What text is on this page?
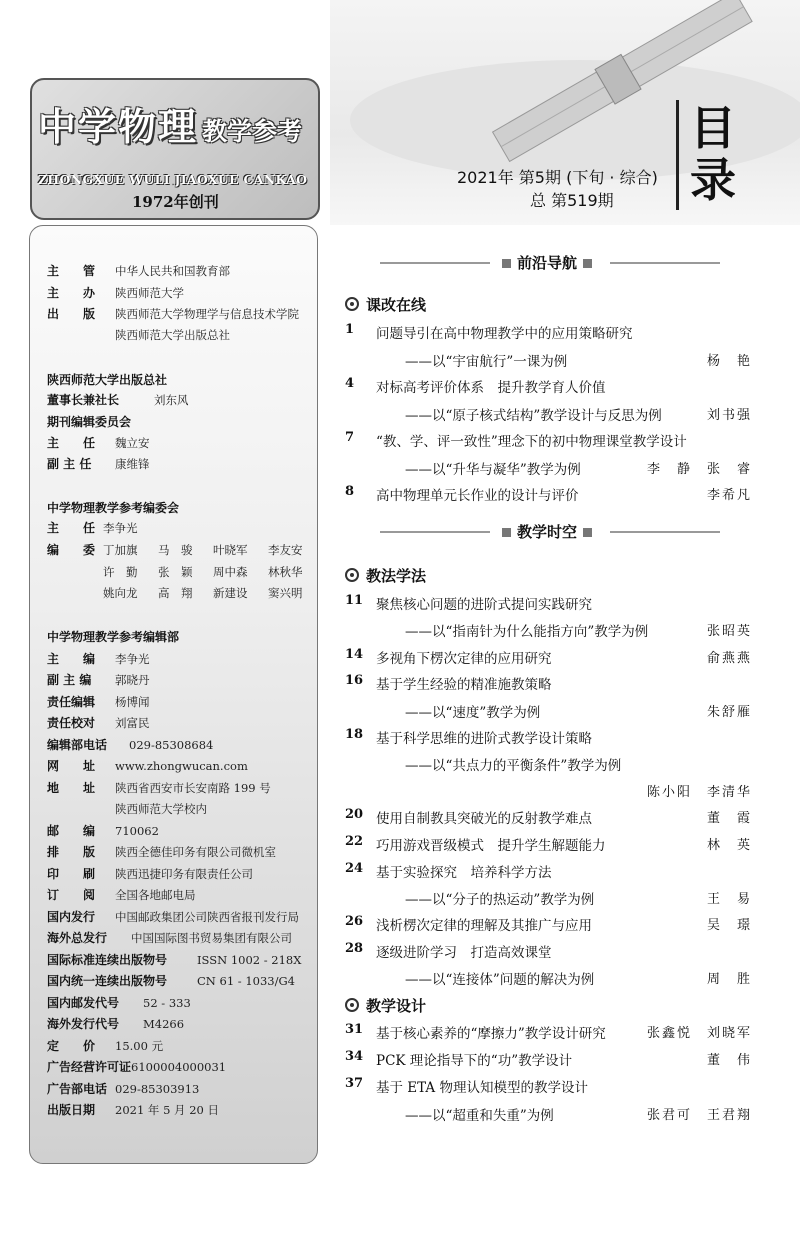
中学物理 教学参考
ZHONGXUE WULI JIAOXUE CANKAO
1972年创刊
2021年 第5期 (下旬 · 综合)
总 第519期
目
录
主　　管 中华人民共和国教育部
主　　办 陕西师范大学
出　　版 陕西师范大学物理学与信息技术学院
陕西师范大学出版总社
陕西师范大学出版总社
董事长兼社长	刘东风
期刊编辑委员会
主　　任 魏立安
副 主 任 康维锋
中学物理教学参考编委会
主　　任 李争光
编　　委 丁加旗 马　骏 叶晓军 李友安
许　勤 张　颖 周中森 林秋华
姚向龙 高　翔 新建设 窦兴明
中学物理教学参考编辑部
主　　编 李争光
副 主 编 郭晓丹
责任编辑 杨博闻
责任校对 刘富民
编辑部电话 029-85308684
网　　址 www.zhongwucan.com
地　　址 陕西省西安市长安南路 199 号
陕西师范大学校内
邮　　编 710062
排　　版 陕西全德佳印务有限公司微机室
印　　刷 陕西迅捷印务有限责任公司
订　　阅 全国各地邮电局
国内发行 中国邮政集团公司陕西省报刊发行局
海外总发行 中国国际图书贸易集团有限公司
国际标准连续出版物号	ISSN 1002 - 218X
国内统一连续出版物号	CN 61 - 1033/G4
国内邮发代号 52 - 333
海外发行代号 M4266
定　　价 15.00 元
广告经营许可证 6100004000031
广告部电话 029-85303913
出版日期 2021 年 5 月 20 日
前沿导航
课改在线
教学时空
教法学法
教学设计
1 问题导引在高中物理教学中的应用策略研究
——以“宇宙航行”一课为例	杨　艳
4 对标高考评价体系　提升教学育人价值
——以“原子核式结构”教学设计与反思为例	刘书强
7 “教、学、评一致性”理念下的初中物理课堂教学设计
——以“升华与凝华”教学为例	李　静　张　睿
8 高中物理单元长作业的设计与评价	李希凡
11 聚焦核心问题的进阶式提问实践研究
——以“指南针为什么能指方向”教学为例	张昭英
14 多视角下楞次定律的应用研究	俞燕燕
16 基于学生经验的精准施教策略
——以“速度”教学为例	朱舒雁
18 基于科学思维的进阶式教学设计策略
——以“共点力的平衡条件”教学为例
陈小阳　李清华
20 使用自制教具突破光的反射教学难点	董　霞
22 巧用游戏晋级模式　提升学生解题能力	林　英
24 基于实验探究　培养科学方法
——以“分子的热运动”教学为例	王　易
26 浅析楞次定律的理解及其推广与应用	吴　璟
28 逐级进阶学习　打造高效课堂
——以“连接体”问题的解决为例	周　胜
31 基于核心素养的“摩擦力”教学设计研究	张鑫悦　刘晓军
34 PCK 理论指导下的“功”教学设计	董　伟
37 基于 ETA 物理认知模型的教学设计
——以“超重和失重”为例	张君可　王君翔
